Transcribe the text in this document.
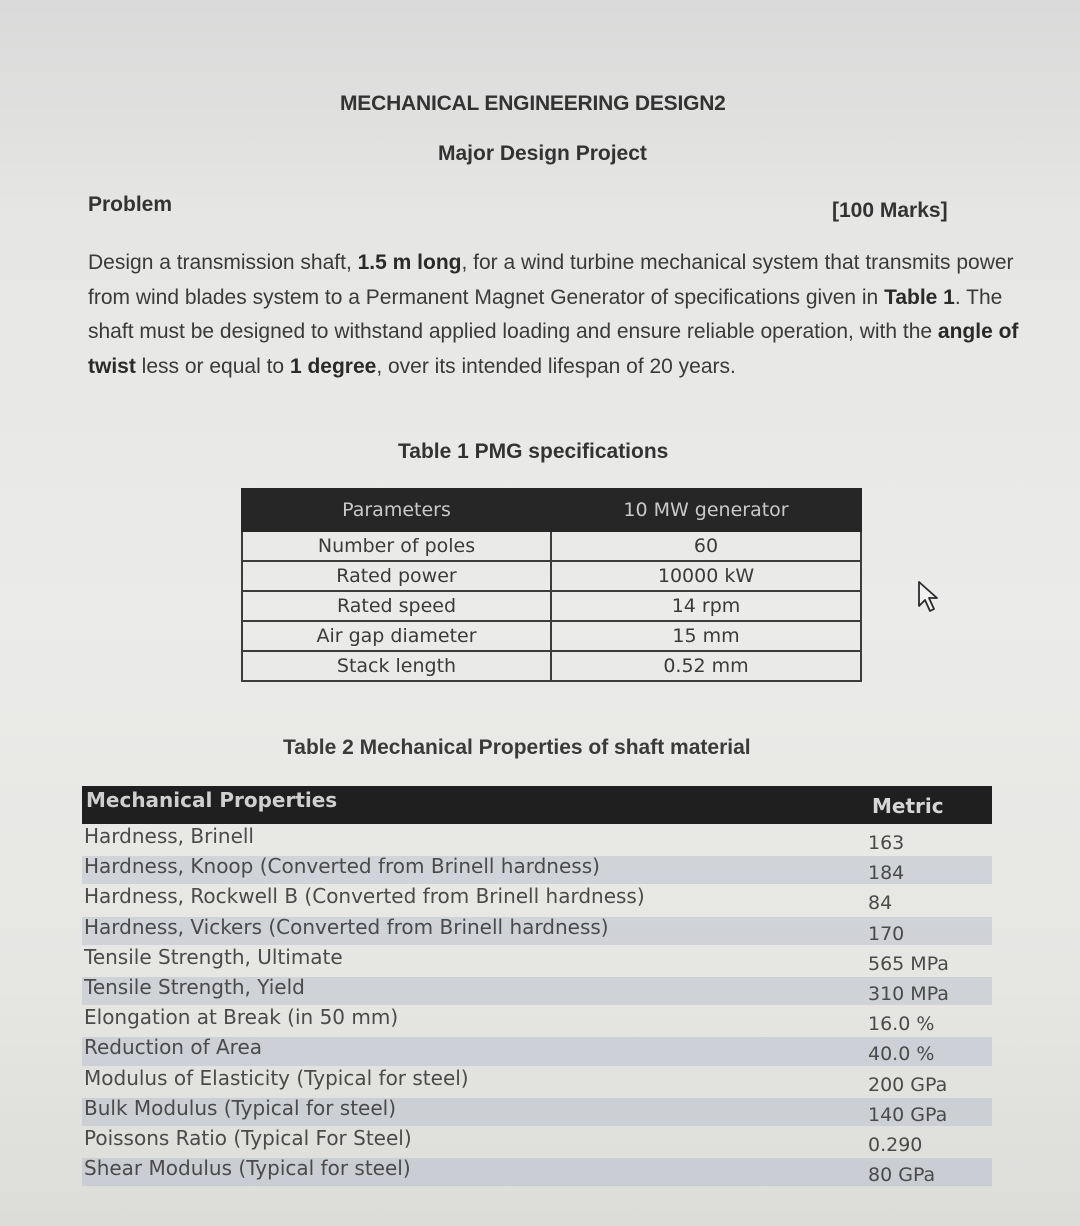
MECHANICAL ENGINEERING DESIGN2
Major Design Project
Problem	[100 Marks]
Design a transmission shaft, 1.5 m long, for a wind turbine mechanical system that transmits power from wind blades system to a Permanent Magnet Generator of specifications given in Table 1. The shaft must be designed to withstand applied loading and ensure reliable operation, with the angle of twist less or equal to 1 degree, over its intended lifespan of 20 years.
Table 1 PMG specifications
Parameters	10 MW generator
Number of poles	60
Rated power	10000 kW
Rated speed	14 rpm
Air gap diameter	15 mm
Stack length	0.52 mm
Table 2 Mechanical Properties of shaft material
Mechanical Properties	Metric
Hardness, Brinell	163
Hardness, Knoop (Converted from Brinell hardness)	184
Hardness, Rockwell B (Converted from Brinell hardness)	84
Hardness, Vickers (Converted from Brinell hardness)	170
Tensile Strength, Ultimate	565 MPa
Tensile Strength, Yield	310 MPa
Elongation at Break (in 50 mm)	16.0 %
Reduction of Area	40.0 %
Modulus of Elasticity (Typical for steel)	200 GPa
Bulk Modulus (Typical for steel)	140 GPa
Poissons Ratio (Typical For Steel)	0.290
Shear Modulus (Typical for steel)	80 GPa
